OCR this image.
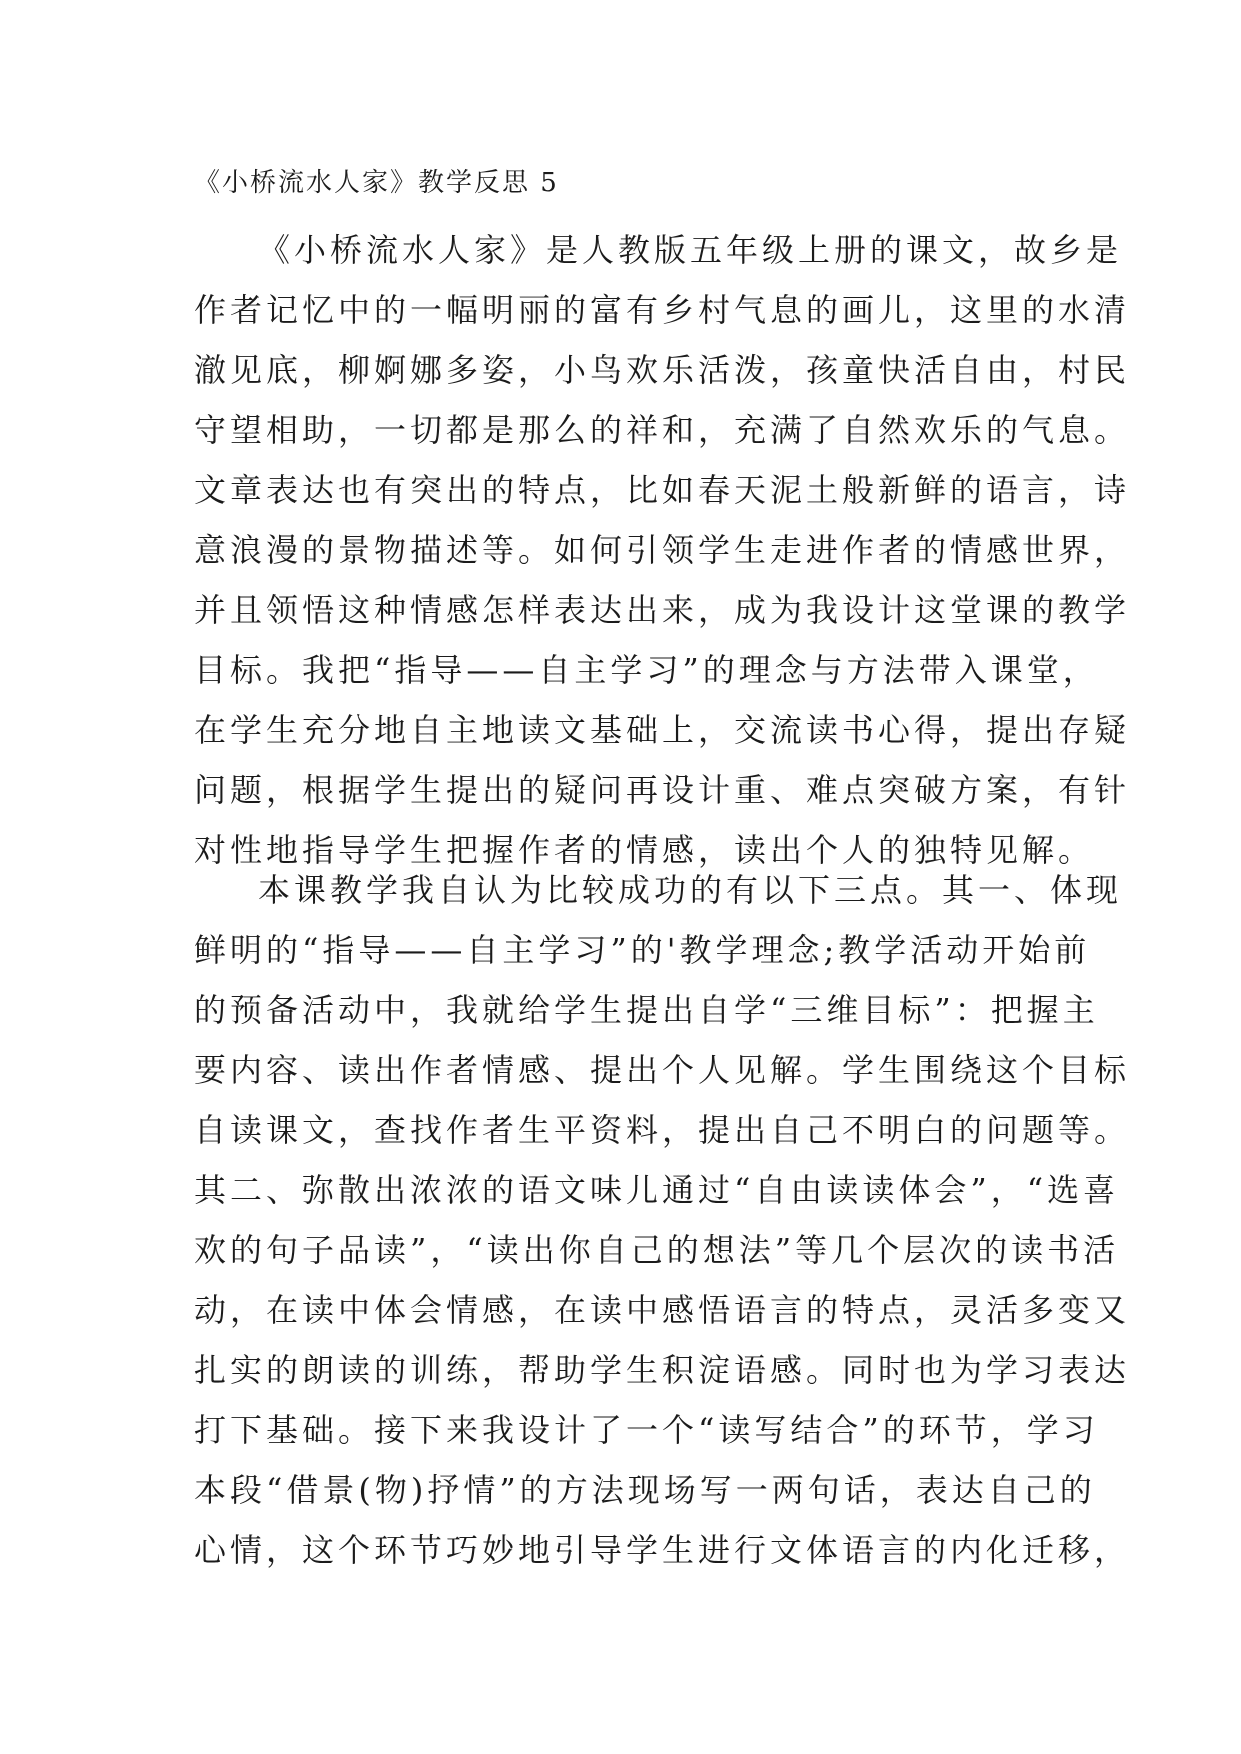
《小桥流水人家》教学反思 5
《小桥流水人家》是人教版五年级上册的课文，故乡是
作者记忆中的一幅明丽的富有乡村气息的画儿，这里的水清
澈见底，柳婀娜多姿，小鸟欢乐活泼，孩童快活自由，村民
守望相助，一切都是那么的祥和，充满了自然欢乐的气息。
文章表达也有突出的特点，比如春天泥土般新鲜的语言，诗
意浪漫的景物描述等。如何引领学生走进作者的情感世界，
并且领悟这种情感怎样表达出来，成为我设计这堂课的教学
目标。我把“指导——自主学习”的理念与方法带入课堂，
在学生充分地自主地读文基础上，交流读书心得，提出存疑
问题，根据学生提出的疑问再设计重、难点突破方案，有针
对性地指导学生把握作者的情感，读出个人的独特见解。
本课教学我自认为比较成功的有以下三点。其一、体现
鲜明的“指导——自主学习”的'教学理念;教学活动开始前
的预备活动中，我就给学生提出自学“三维目标”：把握主
要内容、读出作者情感、提出个人见解。学生围绕这个目标
自读课文，查找作者生平资料，提出自己不明白的问题等。
其二、弥散出浓浓的语文味儿通过“自由读读体会”，“选喜
欢的句子品读”，“读出你自己的想法”等几个层次的读书活
动，在读中体会情感，在读中感悟语言的特点，灵活多变又
扎实的朗读的训练，帮助学生积淀语感。同时也为学习表达
打下基础。接下来我设计了一个“读写结合”的环节，学习
本段“借景(物)抒情”的方法现场写一两句话，表达自己的
心情，这个环节巧妙地引导学生进行文体语言的内化迁移，
